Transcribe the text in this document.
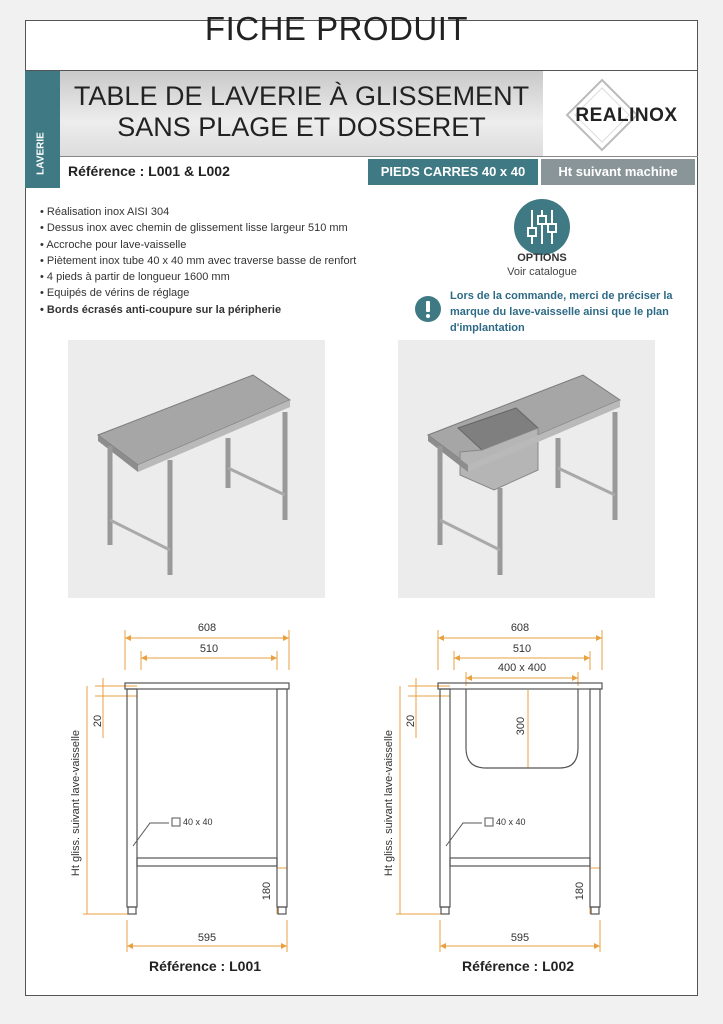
FICHE PRODUIT
LAVERIE
TABLE DE LAVERIE À GLISSEMENT
SANS PLAGE ET DOSSERET	REALINOX
Référence : L001 & L002	PIEDS CARRES 40 x 40	Ht suivant machine
• Réalisation inox AISI 304
• Dessus inox avec chemin de glissement lisse largeur 510 mm
• Accroche pour lave-vaisselle
• Piètement inox tube 40 x 40 mm avec traverse basse de renfort
• 4 pieds à partir de longueur 1600 mm
• Equipés de vérins de réglage
• Bords écrasés anti-coupure sur la péripherie
OPTIONS
Voir catalogue
Lors de la commande, merci de préciser la marque du lave-vaisselle ainsi que le plan d'implantation
608
510
20
40 x 40
Ht gliss. suivant lave-vaisselle
180
595
Référence : L001
608
510
400 x 400
300
20
40 x 40
Ht gliss. suivant lave-vaisselle
180
595
Référence : L002
